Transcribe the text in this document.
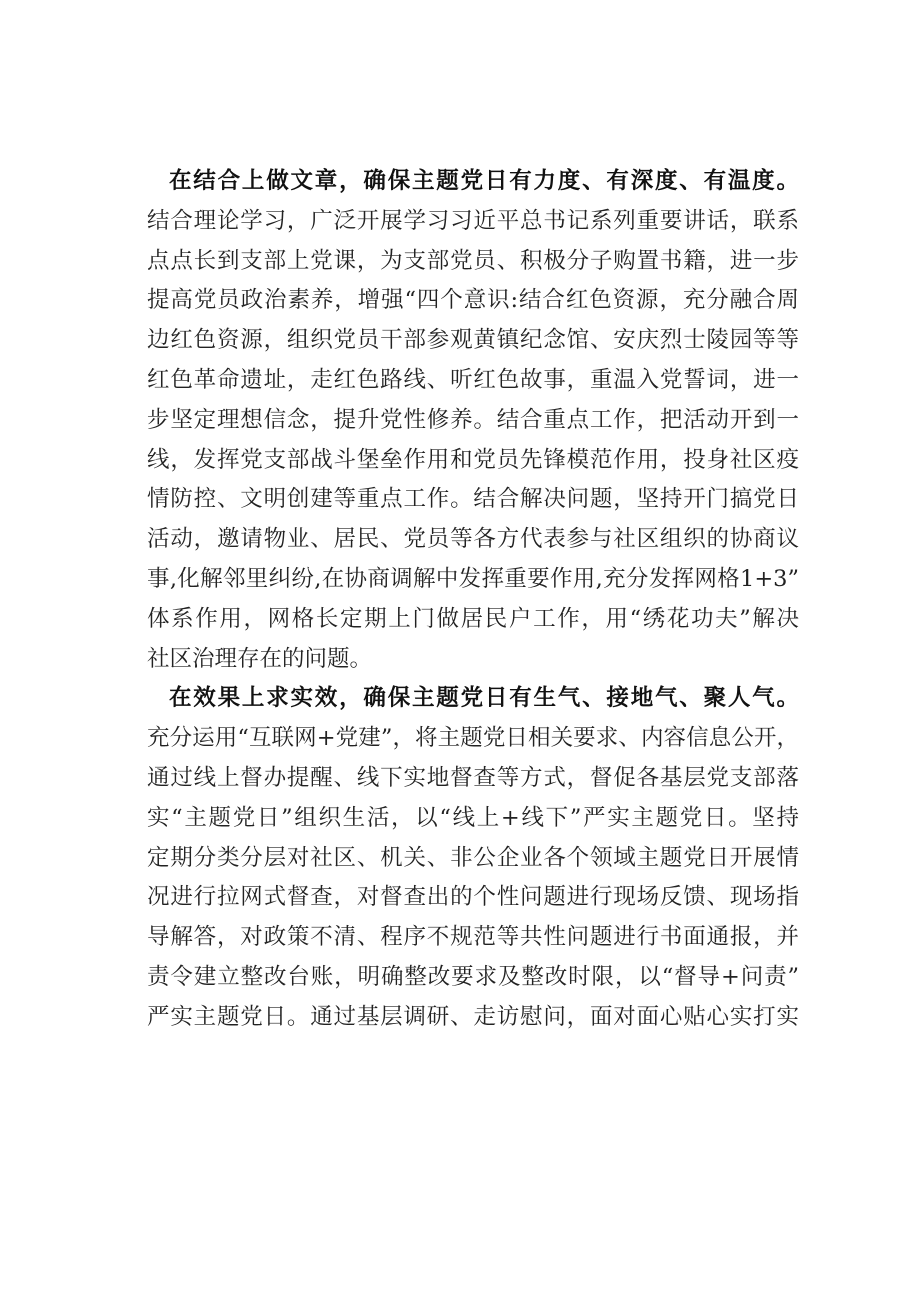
在结合上做文章，确保主题党日有力度、有深度、有温度。
结合理论学习，广泛开展学习习近平总书记系列重要讲话，联系
点点长到支部上党课，为支部党员、积极分子购置书籍，进一步
提高党员政治素养，增强“四个意识:结合红色资源，充分融合周
边红色资源，组织党员干部参观黄镇纪念馆、安庆烈士陵园等等
红色革命遗址，走红色路线、听红色故事，重温入党誓词，进一
步坚定理想信念，提升党性修养。结合重点工作，把活动开到一
线，发挥党支部战斗堡垒作用和党员先锋模范作用，投身社区疫
情防控、文明创建等重点工作。结合解决问题，坚持开门搞党日
活动，邀请物业、居民、党员等各方代表参与社区组织的协商议
事,化解邻里纠纷,在协商调解中发挥重要作用,充分发挥网格1+3”
体系作用，网格长定期上门做居民户工作，用“绣花功夫”解决
社区治理存在的问题。
在效果上求实效，确保主题党日有生气、接地气、聚人气。
充分运用“互联网+党建”，将主题党日相关要求、内容信息公开，
通过线上督办提醒、线下实地督查等方式，督促各基层党支部落
实“主题党日”组织生活，以“线上+线下”严实主题党日。坚持
定期分类分层对社区、机关、非公企业各个领域主题党日开展情
况进行拉网式督查，对督查出的个性问题进行现场反馈、现场指
导解答，对政策不清、程序不规范等共性问题进行书面通报，并
责令建立整改台账，明确整改要求及整改时限，以“督导+问责”
严实主题党日。通过基层调研、走访慰问，面对面心贴心实打实
